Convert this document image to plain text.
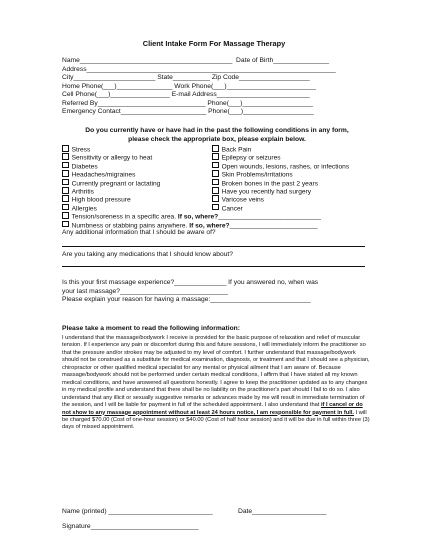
Client Intake Form For Massage Therapy
Name_________________________________________  Date of Birth_______________
Address___________________________________________________________________
City______________________ State__________ Zip Code___________________
Home Phone(___)_______________ Work Phone(___)________________________
Cell Phone(___)________________ E-mail Address_________________________
Referred By_____________________________ Phone(___)___________________
Emergency Contact_______________________ Phone(___)___________________
Do you currently have or have had in the past the following conditions in any form,
please check the appropriate box, please explain below.
Stress
Sensitivity or allergy to heat
Diabetes
Headaches/migraines
Currently pregnant or lactating
Arthritis
High blood pressure
Allergies
Back Pain
Epilepsy or seizures
Open wounds, lesions, rashes, or infections
Skin Problems/irritations
Broken bones in the past 2 years
Have you recently had surgery
Varicose veins
Cancer
Tension/soreness in a specific area. If so, where?____________________________
Numbness or stabbing pains anywhere. If so, where?________________________
Any additional information that I should be aware of?
Are you taking any medications that I should know about?
Is this your first massage experience?______________ If you answered no, when was
your last massage?_____________________________
Please explain your reason for having a massage:___________________________
Please take a moment to read the following information:
I understand that the massage/bodywork I receive is provided for the basic purpose of relaxation and relief of muscular tension. If I experience any pain or discomfort during this and future sessions, I will immediately inform the practitioner so that the pressure and/or strokes may be adjusted to my level of comfort. I further understand that massage/bodywork should not be construed as a substitute for medical examination, diagnosis, or treatment and that I should see a physician, chiropractor or other qualified medical specialist for any mental or physical ailment that I am aware of. Because massage/bodywork should not be performed under certain medical conditions, I affirm that I have stated all my known medical conditions, and have answered all questions honestly. I agree to keep the practitioner updated as to any changes in my medical profile and understand that there shall be no liability on the practitioner's part should I fail to do so. I also understand that any illicit or sexually suggestive remarks or advances made by me will result in immediate termination of the session, and I will be liable for payment in full of the scheduled appointment. I also understand that if I cancel or do not show to any massage appointment without at least 24 hours notice, I am responsible for payment in full. I will be charged $70.00 (Cost of one-hour session) or $40.00 (Cost of half hour session) and it will be due in full within three (3) days of missed appointment.
Name (printed) ____________________________	Date____________________
Signature_____________________________
